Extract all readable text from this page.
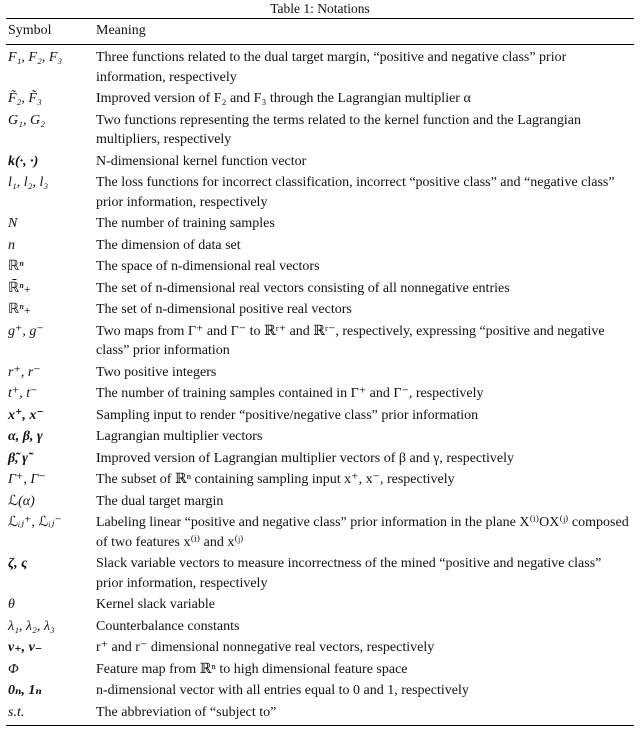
Table 1: Notations
Symbol	Meaning
F₁, F₂, F₃	Three functions related to the dual target margin, “positive and negative class” prior information, respectively
F̃₂, F̃₃	Improved version of F₂ and F₃ through the Lagrangian multiplier α
G₁, G₂	Two functions representing the terms related to the kernel function and the Lagrangian multipliers, respectively
k(·, ·)	N-dimensional kernel function vector
l₁, l₂, l₃	The loss functions for incorrect classification, incorrect “positive class” and “negative class” prior information, respectively
N	The number of training samples
n	The dimension of data set
ℝⁿ	The space of n-dimensional real vectors
ℝ̄ⁿ₊	The set of n-dimensional real vectors consisting of all nonnegative entries
ℝⁿ₊	The set of n-dimensional positive real vectors
g⁺, g⁻	Two maps from Γ⁺ and Γ⁻ to ℝʳ⁺ and ℝʳ⁻, respectively, expressing “positive and negative class” prior information
r⁺, r⁻	Two positive integers
t⁺, t⁻	The number of training samples contained in Γ⁺ and Γ⁻, respectively
x⁺, x⁻	Sampling input to render “positive/negative class” prior information
α, β, γ	Lagrangian multiplier vectors
β̃, γ̃	Improved version of Lagrangian multiplier vectors of β and γ, respectively
Γ⁺, Γ⁻	The subset of ℝⁿ containing sampling input x⁺, x⁻, respectively
ℒ(α)	The dual target margin
ℒᵢⱼ⁺, ℒᵢⱼ⁻	Labeling linear “positive and negative class” prior information in the plane X⁽ⁱ⁾OX⁽ʲ⁾ composed of two features x⁽ⁱ⁾ and x⁽ʲ⁾
ζ, ς	Slack variable vectors to measure incorrectness of the mined “positive and negative class” prior information, respectively
θ	Kernel slack variable
λ₁, λ₂, λ₃	Counterbalance constants
v₊, v₋	r⁺ and r⁻ dimensional nonnegative real vectors, respectively
Φ	Feature map from ℝⁿ to high dimensional feature space
0ₙ, 1ₙ	n-dimensional vector with all entries equal to 0 and 1, respectively
s.t.	The abbreviation of “subject to”
